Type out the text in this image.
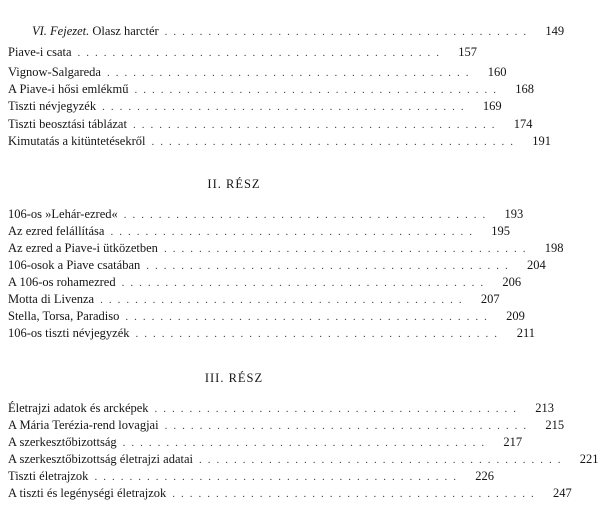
VI. Fejezet. Olasz harctér ..........................................	149
Piave-i csata ..........................................	157
Vignow-Salgareda ..........................................	160
A Piave-i hősi emlékmű ..........................................	168
Tiszti névjegyzék ..........................................	169
Tiszti beosztási táblázat ..........................................	174
Kimutatás a kitüntetésekről ..........................................	191
II. RÉSZ
106-os »Lehár-ezred« ..........................................	193
Az ezred felállítása ..........................................	195
Az ezred a Piave-i ütközetben ..........................................	198
106-osok a Piave csatában ..........................................	204
A 106-os rohamezred ..........................................	206
Motta di Livenza ..........................................	207
Stella, Torsa, Paradiso ..........................................	209
106-os tiszti névjegyzék ..........................................	211
III. RÉSZ
Életrajzi adatok és arcképek ..........................................	213
A Mária Terézia-rend lovagjai ..........................................	215
A szerkesztőbizottság ..........................................	217
A szerkesztőbizottság életrajzi adatai ..........................................	221
Tiszti életrajzok ..........................................	226
A tiszti és legénységi életrajzok ..........................................	247
